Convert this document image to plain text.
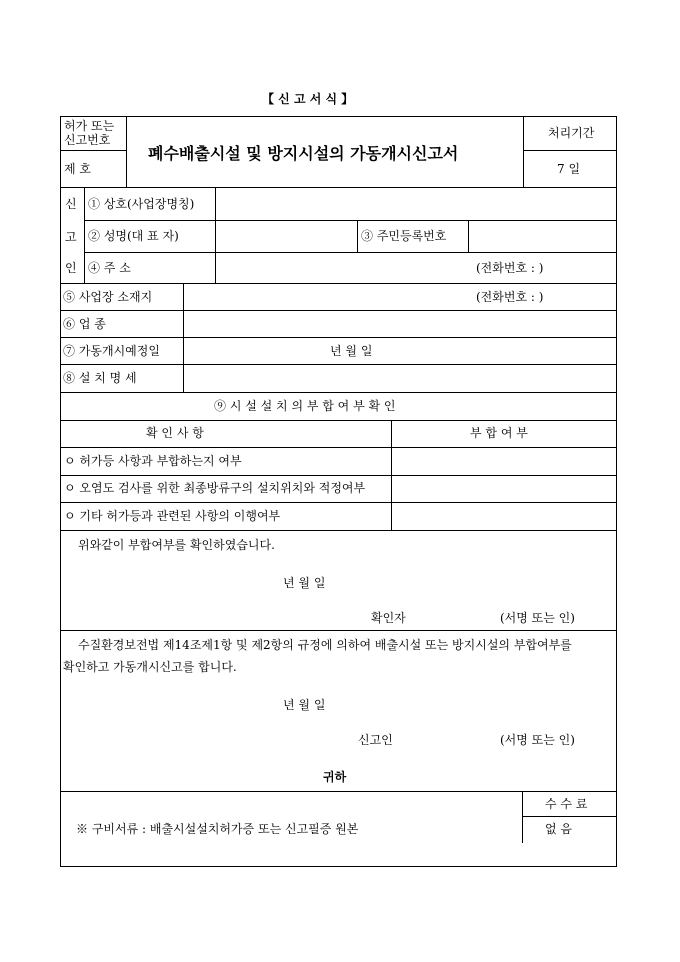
【 신 고 서 식 】
허가 또는
신고번호
제 호
폐수배출시설 및 방지시설의 가동개시신고서
처리기간
7 일
신
고
인
① 상호(사업장명칭)
② 성명(대 표 자)	③ 주민등록번호
④ 주 소	(전화번호 : )
⑤ 사업장 소재지	(전화번호 : )
⑥ 업 종
⑦ 가동개시예정일	년 월 일
⑧ 설 치 명 세
⑨ 시 설 설 치 의 부 합 여 부 확 인
확 인 사 항	부 합 여 부
ㅇ 허가등 사항과 부합하는지 여부
ㅇ 오염도 검사를 위한 최종방류구의 설치위치와 적정여부
ㅇ 기타 허가등과 관련된 사항의 이행여부
위와같이 부합여부를 확인하였습니다.
년 월 일
확인자	(서명 또는 인)
수질환경보전법 제14조제1항 및 제2항의 규정에 의하여 배출시설 또는 방지시설의 부합여부를
확인하고 가동개시신고를 합니다.
년 월 일
신고인	(서명 또는 인)
귀하
※ 구비서류 : 배출시설설치허가증 또는 신고필증 원본
수 수 료
없 음
